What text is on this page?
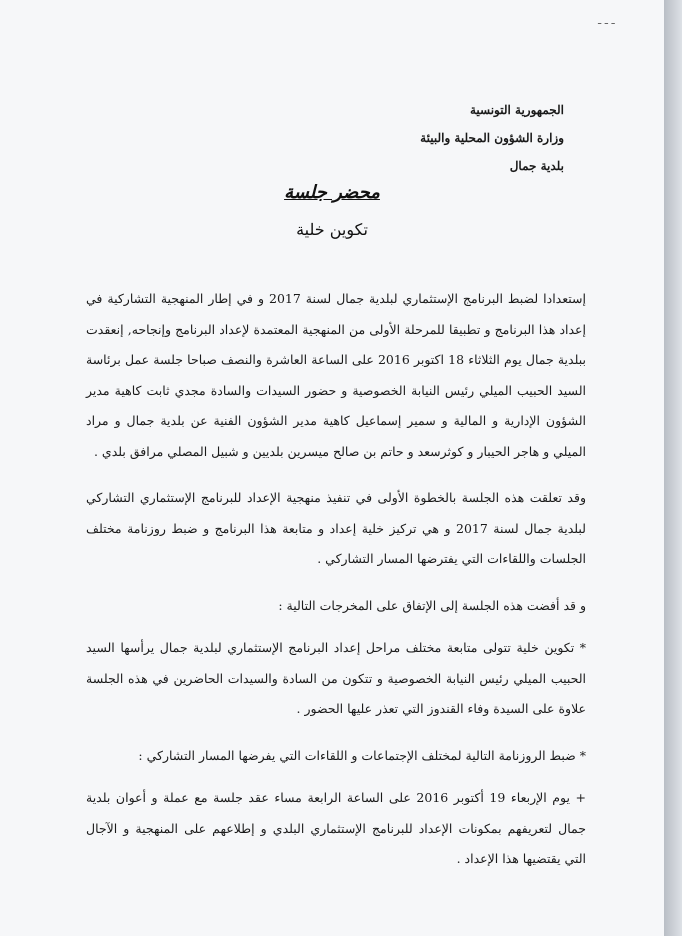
ـ ـ ـ
الجمهورية التونسية
وزارة الشؤون المحلية والبيئة
بلدية جمال
محضر جلسة
تكوين خلية

إستعدادا لضبط البرنامج الإستثماري لبلدية جمال لسنة 2017 و في إطار المنهجية التشاركية في إعداد هذا البرنامج و تطبيقا للمرحلة الأولى من المنهجية المعتمدة لإعداد البرنامج وإنجاحه, إنعقدت ببلدية جمال يوم الثلاثاء 18 اكتوبر 2016 على الساعة العاشرة والنصف صباحا جلسة عمل برئاسة السيد الحبيب الميلي رئيس النيابة الخصوصية و حضور السيدات والسادة مجدي ثابت كاهية مدير الشؤون الإدارية و المالية و سمير إسماعيل كاهية مدير الشؤون الفنية عن بلدية جمال و مراد الميلي و هاجر الحيبار و كوثرسعد و حاتم بن صالح ميسرين بلديين و شبيل المصلي مرافق بلدي .

وقد تعلقت هذه الجلسة بالخطوة الأولى في تنفيذ منهجية الإعداد للبرنامج الإستثماري التشاركي لبلدية جمال لسنة 2017 و هي تركيز خلية إعداد و متابعة هذا البرنامج و ضبط روزنامة مختلف الجلسات واللقاءات التي يفترضها المسار التشاركي .

و قد أفضت هذه الجلسة إلى الإتفاق على المخرجات التالية :

* تكوين خلية تتولى متابعة مختلف مراحل إعداد البرنامج الإستثماري لبلدية جمال يرأسها السيد الحبيب الميلي رئيس النيابة الخصوصية و تتكون من السادة والسيدات الحاضرين في هذه الجلسة علاوة على السيدة وفاء القندوز التي تعذر عليها الحضور .

* ضبط الروزنامة التالية لمختلف الإجتماعات و اللقاءات التي يفرضها المسار التشاركي :

+ يوم الإربعاء 19 أكتوبر 2016 على الساعة الرابعة مساء عقد جلسة مع عملة و أعوان بلدية جمال لتعريفهم بمكونات الإعداد للبرنامج الإستثماري البلدي و إطلاعهم على المنهجية و الآجال التي يقتضيها هذا الإعداد .
